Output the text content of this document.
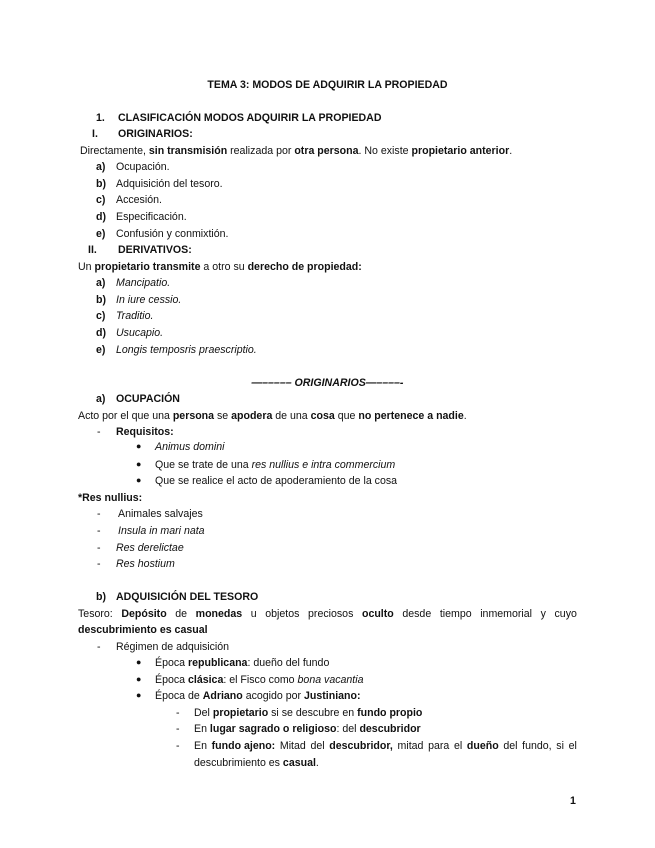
TEMA 3: MODOS DE ADQUIRIR LA PROPIEDAD
1. CLASIFICACIÓN MODOS ADQUIRIR LA PROPIEDAD
I. ORIGINARIOS:
Directamente, sin transmisión realizada por otra persona. No existe propietario anterior.
a) Ocupación.
b) Adquisición del tesoro.
c) Accesión.
d) Especificación.
e) Confusión y conmixtión.
II. DERIVATIVOS:
Un propietario transmite a otro su derecho de propiedad:
a) Mancipatio.
b) In iure cessio.
c) Traditio.
d) Usucapio.
e) Longis temposris praescriptio.
—––––– ORIGINARIOS—––––-
a) OCUPACIÓN
Acto por el que una persona se apodera de una cosa que no pertenece a nadie.
- Requisitos:
● Animus domini
● Que se trate de una res nullius e intra commercium
● Que se realice el acto de apoderamiento de la cosa
*Res nullius:
- Animales salvajes
- Insula in mari nata
- Res derelictae
- Res hostium
b) ADQUISICIÓN DEL TESORO
Tesoro: Depósito de monedas u objetos preciosos oculto desde tiempo inmemorial y cuyo
descubrimiento es casual
- Régimen de adquisición
● Época republicana: dueño del fundo
● Época clásica: el Fisco como bona vacantia
● Época de Adriano acogido por Justiniano:
- Del propietario si se descubre en fundo propio
- En lugar sagrado o religioso: del descubridor
- En fundo ajeno: Mitad del descubridor, mitad para el dueño del fundo, si el
descubrimiento es casual.
1
